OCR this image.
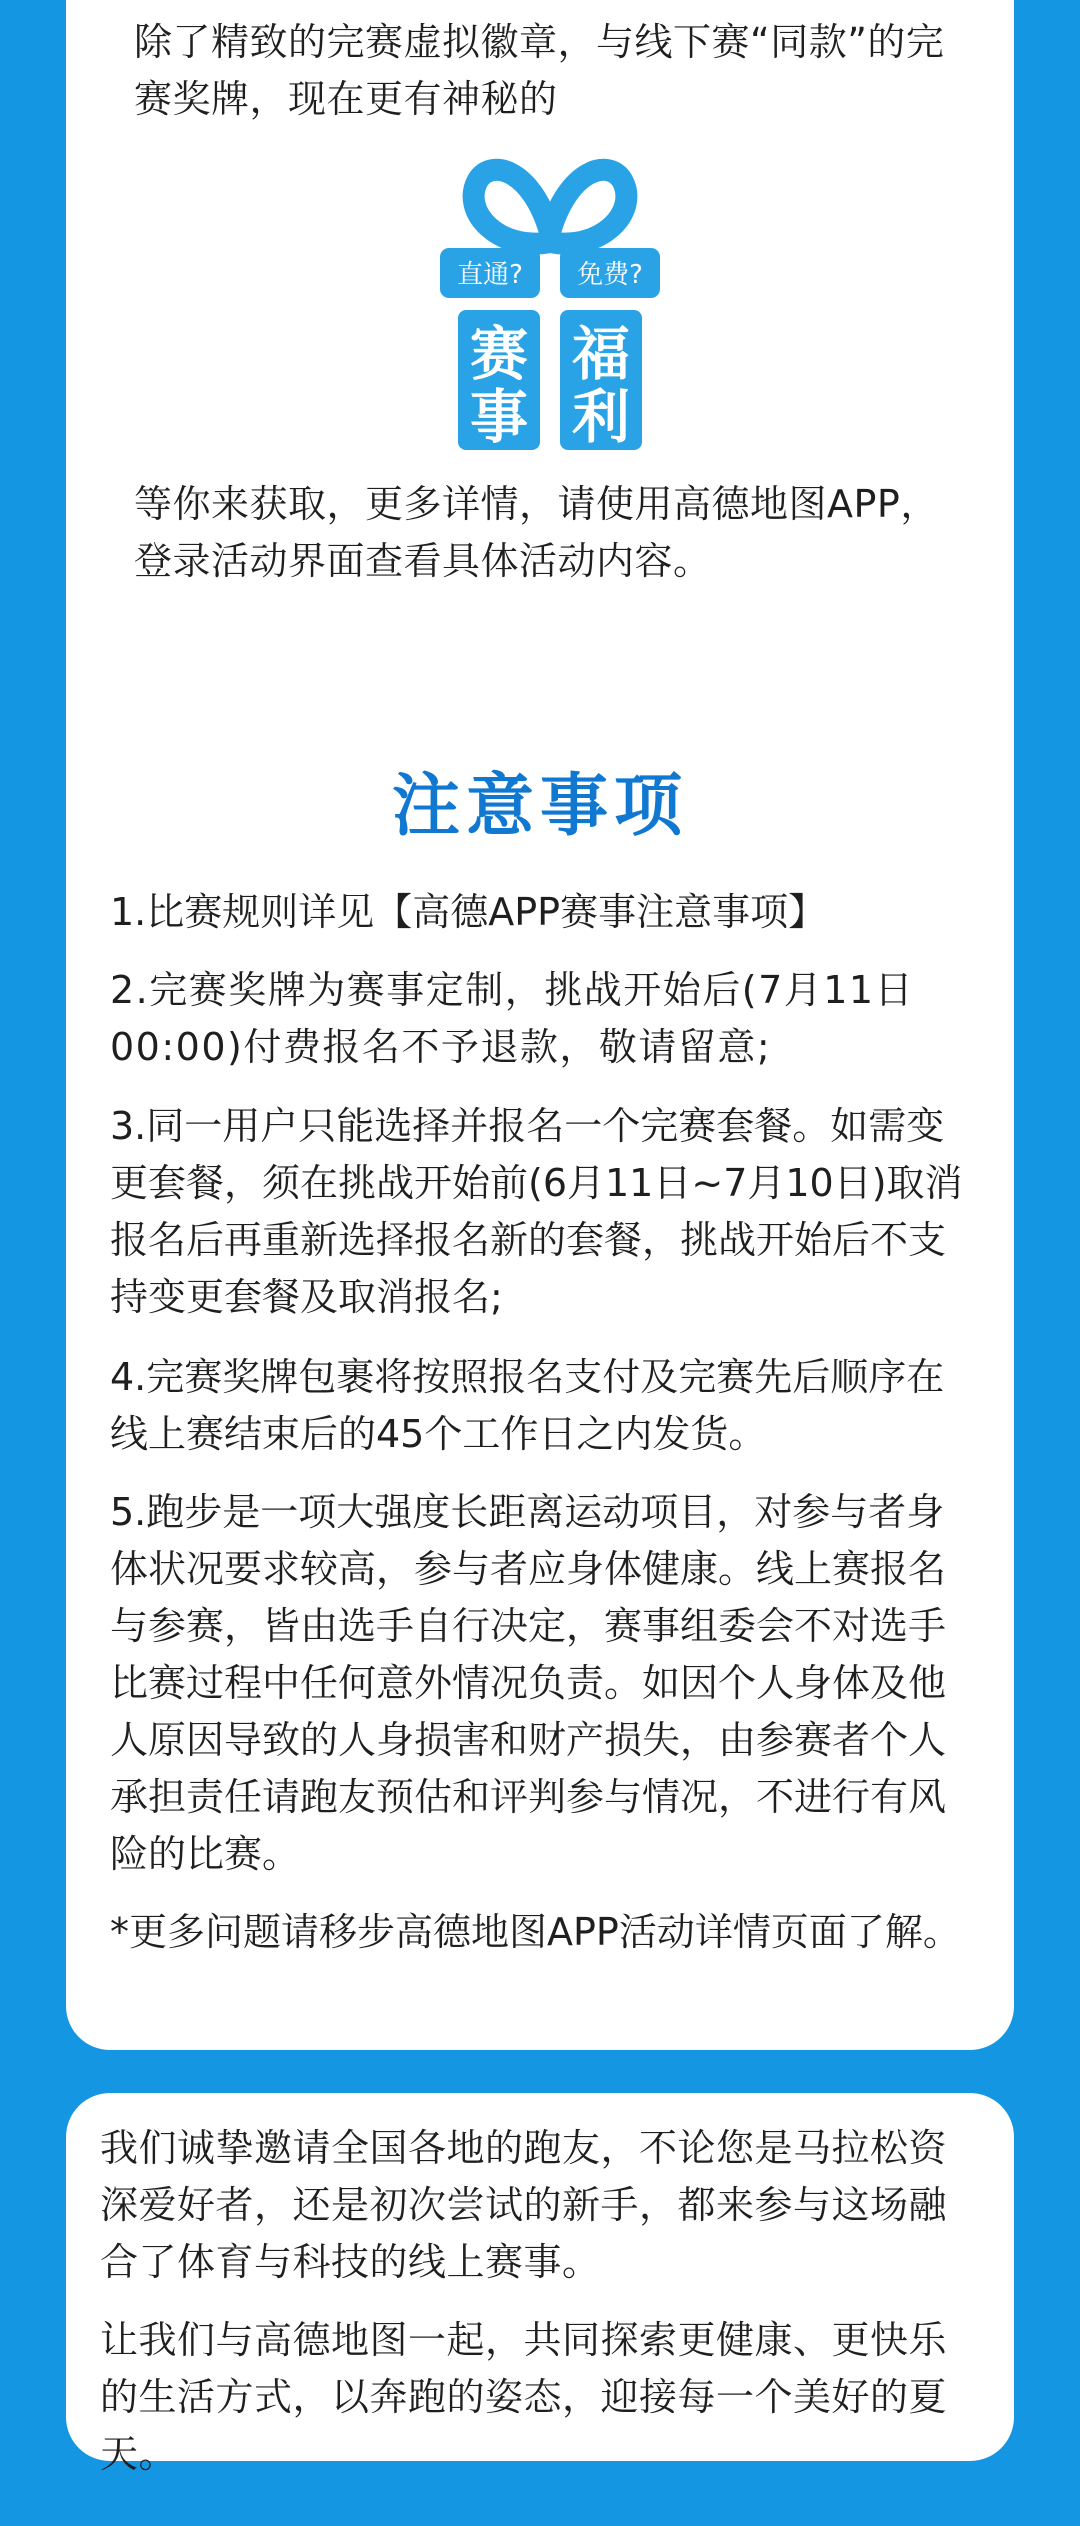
除了精致的完赛虚拟徽章，与线下赛“同款”的完赛奖牌，现在更有神秘的

直通? 免费?
赛
事
福
利

等你来获取，更多详情，请使用高德地图APP，登录活动界面查看具体活动内容。

注意事项

1.比赛规则详见【高德APP赛事注意事项】

2.完赛奖牌为赛事定制，挑战开始后(7月11日00:00)付费报名不予退款，敬请留意;

3.同一用户只能选择并报名一个完赛套餐。如需变更套餐，须在挑战开始前(6月11日~7月10日)取消报名后再重新选择报名新的套餐，挑战开始后不支持变更套餐及取消报名;

4.完赛奖牌包裹将按照报名支付及完赛先后顺序在线上赛结束后的45个工作日之内发货。

5.跑步是一项大强度长距离运动项目，对参与者身体状况要求较高，参与者应身体健康。线上赛报名与参赛，皆由选手自行决定，赛事组委会不对选手比赛过程中任何意外情况负责。如因个人身体及他人原因导致的人身损害和财产损失，由参赛者个人承担责任请跑友预估和评判参与情况，不进行有风险的比赛。

*更多问题请移步高德地图APP活动详情页面了解。

我们诚挚邀请全国各地的跑友，不论您是马拉松资深爱好者，还是初次尝试的新手，都来参与这场融合了体育与科技的线上赛事。

让我们与高德地图一起，共同探索更健康、更快乐的生活方式，以奔跑的姿态，迎接每一个美好的夏天。
